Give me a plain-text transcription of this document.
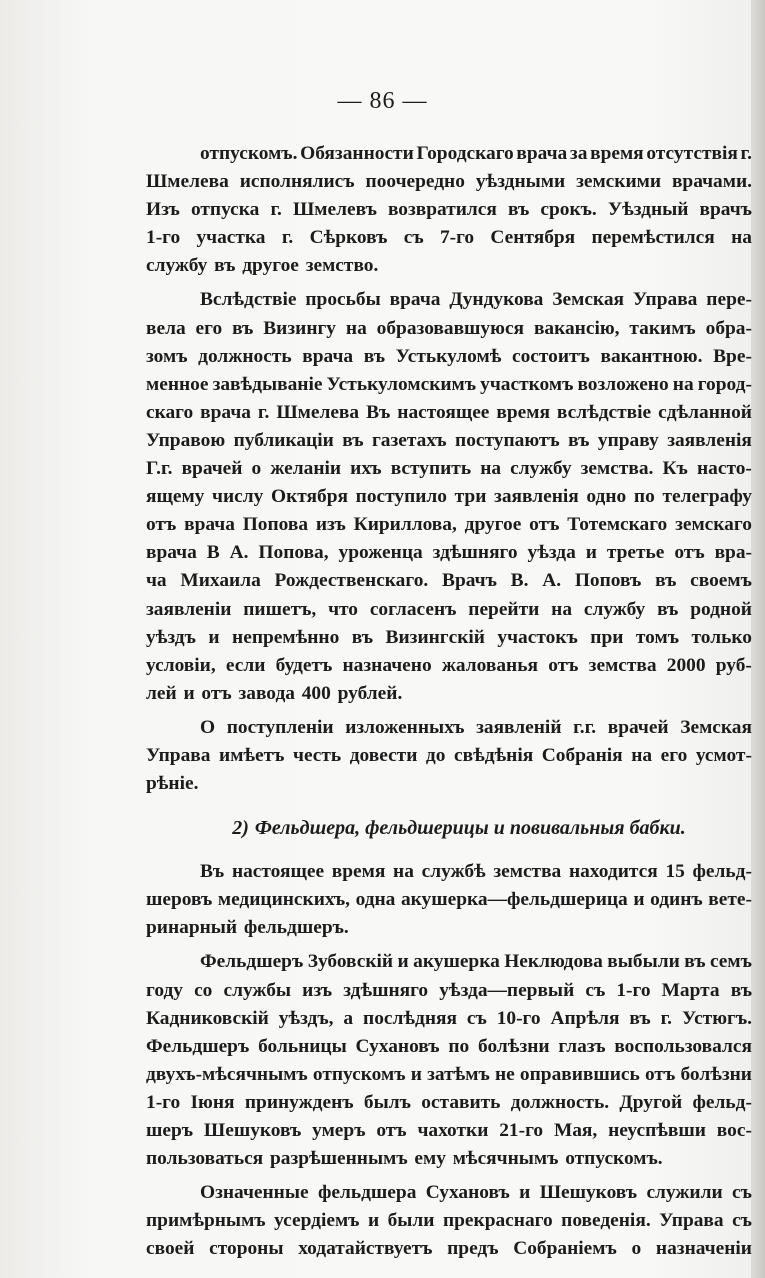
— 86 —
отпускомъ. Обязанности Городскаго врача за время отсутствія г.
Шмелева исполнялисъ поочередно уѣздными земскими врачами.
Изъ отпуска г. Шмелевъ возвратился въ срокъ. Уѣздный врачъ
1-го участка г. Сѣрковъ съ 7-го Сентября перемѣстился на
службу въ другое земство.
Вслѣдствіе просьбы врача Дундукова Земская Управа пере-
вела его въ Визингу на образовавшуюся вакансію, такимъ обра-
зомъ должность врача въ Устькуломѣ состоитъ вакантною. Вре-
менное завѣдываніе Устькуломскимъ участкомъ возложено на город-
скаго врача г. Шмелева Въ настоящее время вслѣдствіе сдѣланной
Управою публикаціи въ газетахъ поступаютъ въ управу заявленія
Г.г. врачей о желаніи ихъ вступить на службу земства. Къ насто-
ящему числу Октября поступило три заявленія одно по телеграфу
отъ врача Попова изъ Кириллова, другое отъ Тотемскаго земскаго
врача В А. Попова, уроженца здѣшняго уѣзда и третье отъ вра-
ча Михаила Рождественскаго. Врачъ В. А. Поповъ въ своемъ
заявленіи пишетъ, что согласенъ перейти на службу въ родной
уѣздъ и непремѣнно въ Визингскій участокъ при томъ только
условіи, если будетъ назначено жалованья отъ земства 2000 руб-
лей и отъ завода 400 рублей.
О поступленіи изложенныхъ заявленій г.г. врачей Земская
Управа имѣетъ честь довести до свѣдѣнія Собранія на его усмот-
рѣніе.
2) Фельдшера, фельдшерицы и повивальныя бабки.
Въ настоящее время на службѣ земства находится 15 фельд-
шеровъ медицинскихъ, одна акушерка—фельдшерица и одинъ вете-
ринарный фельдшеръ.
Фельдшеръ Зубовскій и акушерка Неклюдова выбыли въ семъ
году со службы изъ здѣшняго уѣзда—первый съ 1-го Марта въ
Кадниковскій уѣздъ, а послѣдняя съ 10-го Апрѣля въ г. Устюгъ.
Фельдшеръ больницы Сухановъ по болѣзни глазъ воспользовался
двухъ-мѣсячнымъ отпускомъ и затѣмъ не оправившись отъ болѣзни
1-го Іюня принужденъ былъ оставить должность. Другой фельд-
шеръ Шешуковъ умеръ отъ чахотки 21-го Мая, неуспѣвши вос-
пользоваться разрѣшеннымъ ему мѣсячнымъ отпускомъ.
Означенные фельдшера Сухановъ и Шешуковъ служили съ
примѣрнымъ усердіемъ и были прекраснаго поведенія. Управа съ
своей стороны ходатайствуетъ предъ Собраніемъ о назначеніи
